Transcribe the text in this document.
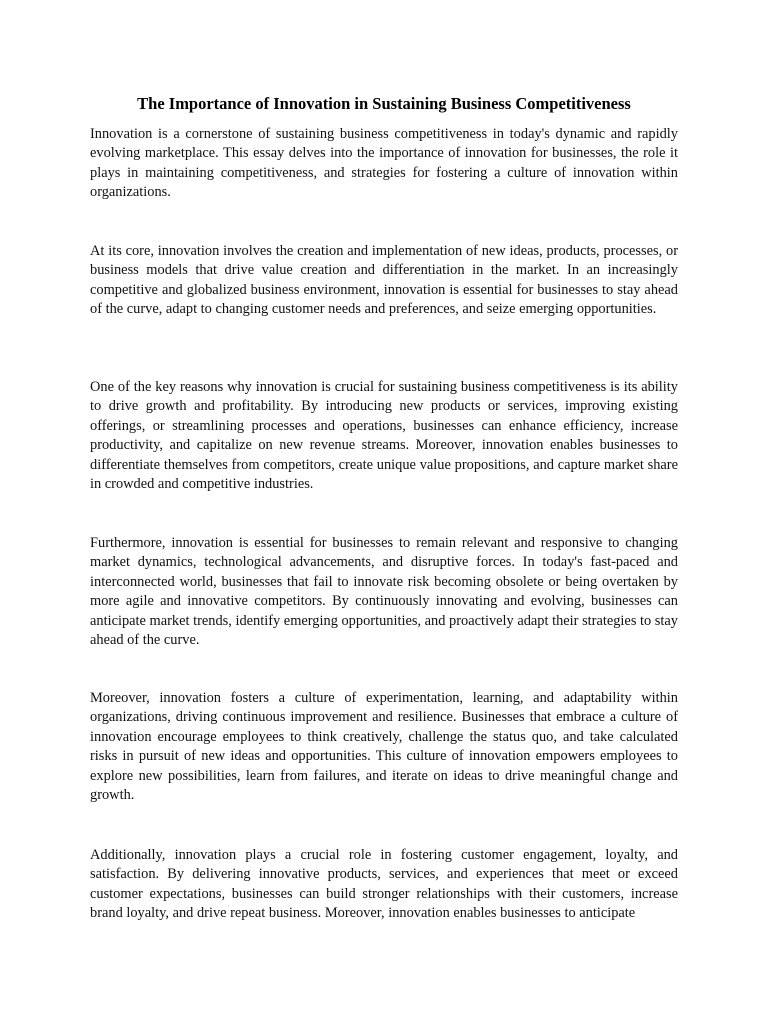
The Importance of Innovation in Sustaining Business Competitiveness

Innovation is a cornerstone of sustaining business competitiveness in today's dynamic and rapidly evolving marketplace. This essay delves into the importance of innovation for businesses, the role it plays in maintaining competitiveness, and strategies for fostering a culture of innovation within organizations.

At its core, innovation involves the creation and implementation of new ideas, products, processes, or business models that drive value creation and differentiation in the market. In an increasingly competitive and globalized business environment, innovation is essential for businesses to stay ahead of the curve, adapt to changing customer needs and preferences, and seize emerging opportunities.

One of the key reasons why innovation is crucial for sustaining business competitiveness is its ability to drive growth and profitability. By introducing new products or services, improving existing offerings, or streamlining processes and operations, businesses can enhance efficiency, increase productivity, and capitalize on new revenue streams. Moreover, innovation enables businesses to differentiate themselves from competitors, create unique value propositions, and capture market share in crowded and competitive industries.

Furthermore, innovation is essential for businesses to remain relevant and responsive to changing market dynamics, technological advancements, and disruptive forces. In today's fast-paced and interconnected world, businesses that fail to innovate risk becoming obsolete or being overtaken by more agile and innovative competitors. By continuously innovating and evolving, businesses can anticipate market trends, identify emerging opportunities, and proactively adapt their strategies to stay ahead of the curve.

Moreover, innovation fosters a culture of experimentation, learning, and adaptability within organizations, driving continuous improvement and resilience. Businesses that embrace a culture of innovation encourage employees to think creatively, challenge the status quo, and take calculated risks in pursuit of new ideas and opportunities. This culture of innovation empowers employees to explore new possibilities, learn from failures, and iterate on ideas to drive meaningful change and growth.

Additionally, innovation plays a crucial role in fostering customer engagement, loyalty, and satisfaction. By delivering innovative products, services, and experiences that meet or exceed customer expectations, businesses can build stronger relationships with their customers, increase brand loyalty, and drive repeat business. Moreover, innovation enables businesses to anticipate
